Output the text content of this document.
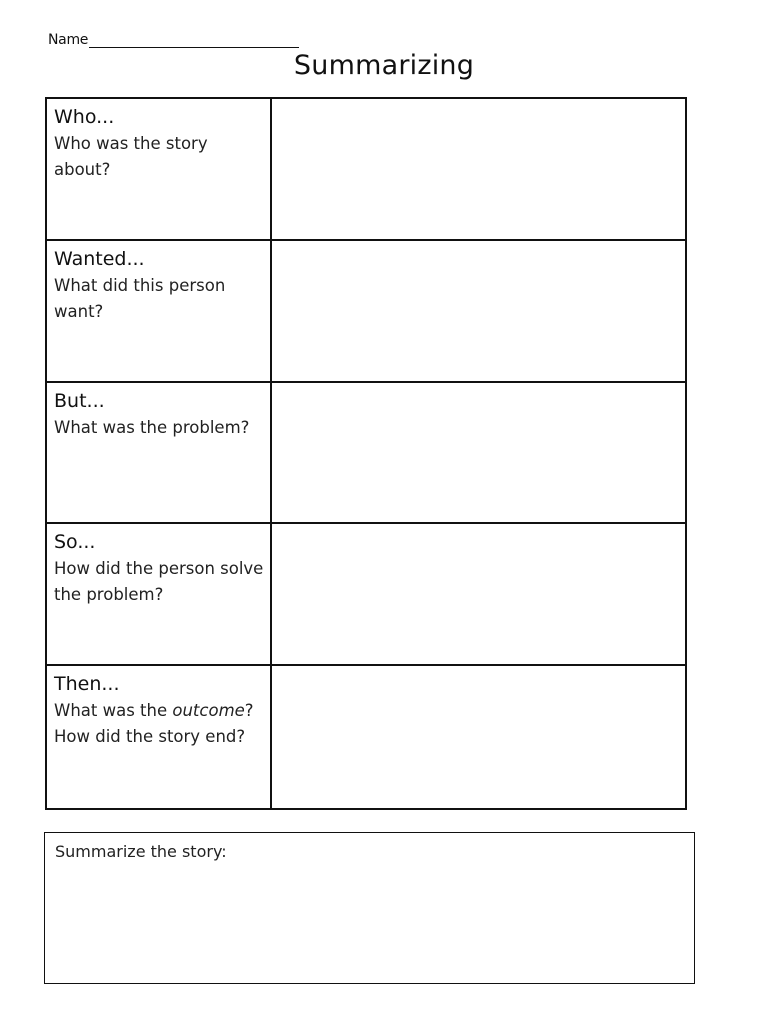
Name
Summarizing
Who...
Who was the story about?
Wanted...
What did this person want?
But...
What was the problem?
So...
How did the person solve the problem?
Then...
What was the outcome? How did the story end?
Summarize the story:
